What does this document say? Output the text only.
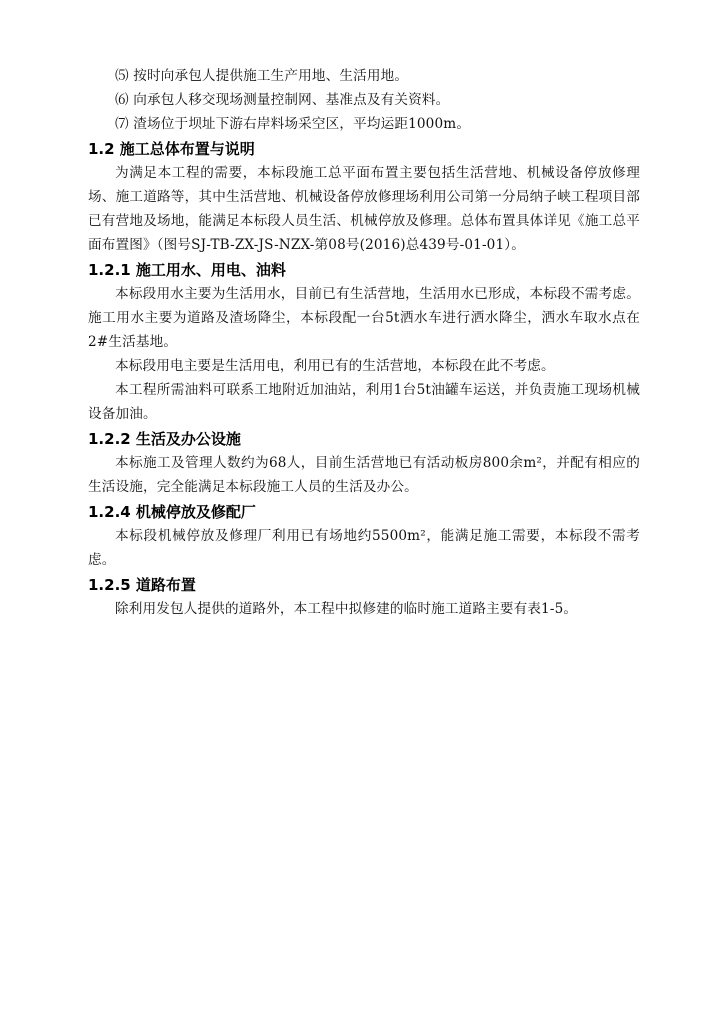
⑸ 按时向承包人提供施工生产用地、生活用地。

⑹ 向承包人移交现场测量控制网、基准点及有关资料。

⑺ 渣场位于坝址下游右岸料场采空区，平均运距1000m。

1.2 施工总体布置与说明

为满足本工程的需要，本标段施工总平面布置主要包括生活营地、机械设备停放修理场、施工道路等，其中生活营地、机械设备停放修理场利用公司第一分局纳子峡工程项目部已有营地及场地，能满足本标段人员生活、机械停放及修理。总体布置具体详见《施工总平面布置图》（图号SJ-TB-ZX-JS-NZX-第08号(2016)总439号-01-01）。

1.2.1 施工用水、用电、油料

本标段用水主要为生活用水，目前已有生活营地，生活用水已形成，本标段不需考虑。施工用水主要为道路及渣场降尘，本标段配一台5t洒水车进行洒水降尘，洒水车取水点在2#生活基地。

本标段用电主要是生活用电，利用已有的生活营地，本标段在此不考虑。

本工程所需油料可联系工地附近加油站，利用1台5t油罐车运送，并负责施工现场机械设备加油。

1.2.2 生活及办公设施

本标施工及管理人数约为68人，目前生活营地已有活动板房800余m²，并配有相应的生活设施，完全能满足本标段施工人员的生活及办公。

1.2.4 机械停放及修配厂

本标段机械停放及修理厂利用已有场地约5500m²，能满足施工需要，本标段不需考虑。

1.2.5 道路布置

除利用发包人提供的道路外，本工程中拟修建的临时施工道路主要有表1-5。
